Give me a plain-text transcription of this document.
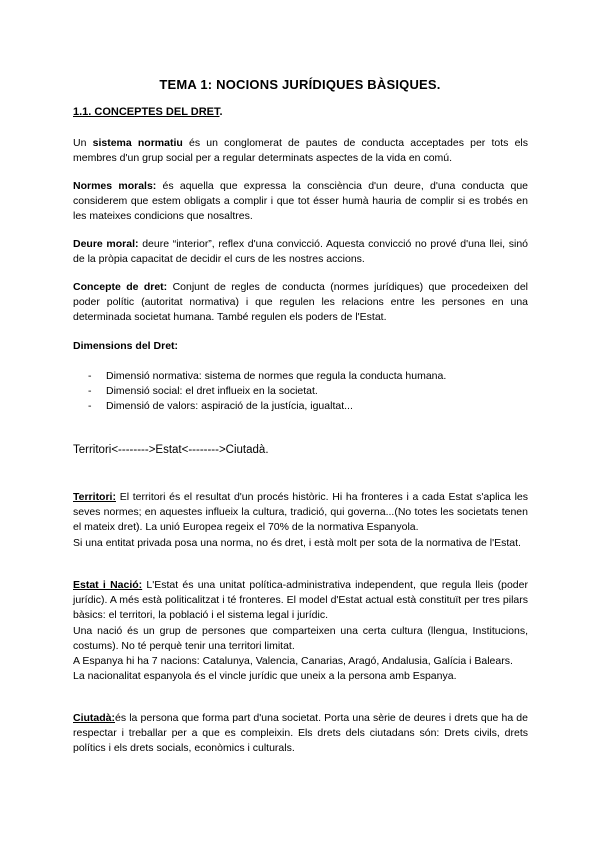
TEMA 1: NOCIONS JURÍDIQUES BÀSIQUES.
1.1. CONCEPTES DEL DRET.
Un sistema normatiu és un conglomerat de pautes de conducta acceptades per tots els membres d'un grup social per a regular determinats aspectes de la vida en comú.
Normes morals: és aquella que expressa la consciència d'un deure, d'una conducta que considerem que estem obligats a complir i que tot ésser humà hauria de complir si es trobés en les mateixes condicions que nosaltres.
Deure moral: deure “interior”, reflex d'una convicció. Aquesta convicció no prové d'una llei, sinó de la pròpia capacitat de decidir el curs de les nostres accions.
Concepte de dret: Conjunt de regles de conducta (normes jurídiques) que procedeixen del poder polític (autoritat normativa) i que regulen les relacions entre les persones en una determinada societat humana. També regulen els poders de l'Estat.
Dimensions del Dret:
- Dimensió normativa: sistema de normes que regula la conducta humana.
- Dimensió social: el dret influeix en la societat.
- Dimensió de valors: aspiració de la justícia, igualtat...
Territori<-------->Estat<-------->Ciutadà.
Territori: El territori és el resultat d'un procés històric. Hi ha fronteres i a cada Estat s'aplica les seves normes; en aquestes influeix la cultura, tradició, qui governa...(No totes les societats tenen el mateix dret). La unió Europea regeix el 70% de la normativa Espanyola.
Si una entitat privada posa una norma, no és dret, i està molt per sota de la normativa de l'Estat.
Estat i Nació: L'Estat és una unitat política-administrativa independent, que regula lleis (poder jurídic). A més està politicalitzat i té fronteres. El model d'Estat actual està constituït per tres pilars bàsics: el territori, la població i el sistema legal i jurídic.
Una nació és un grup de persones que comparteixen una certa cultura (llengua, Institucions, costums). No té perquè tenir una territori limitat.
A Espanya hi ha 7 nacions: Catalunya, Valencia, Canarias, Aragó, Andalusia, Galícia i Balears.
La nacionalitat espanyola és el vincle jurídic que uneix a la persona amb Espanya.
Ciutadà:és la persona que forma part d'una societat. Porta una sèrie de deures i drets que ha de respectar i treballar per a que es compleixin. Els drets dels ciutadans són: Drets civils, drets polítics i els drets socials, econòmics i culturals.
